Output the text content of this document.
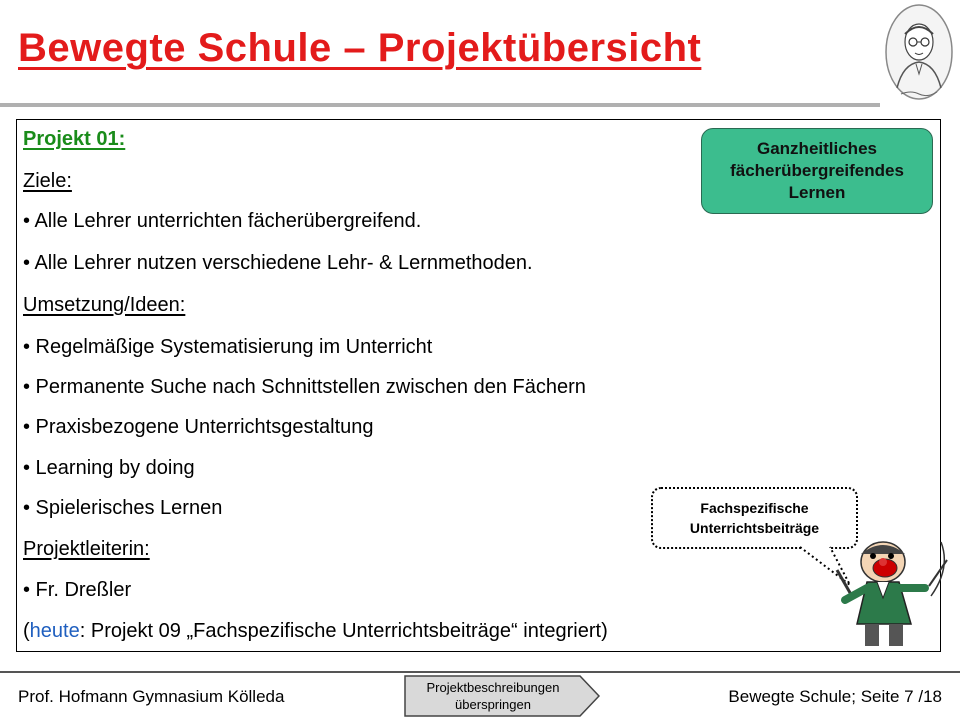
Bewegte Schule – Projektübersicht
Projekt 01:
Ziele:
• Alle Lehrer unterrichten fächerübergreifend.
• Alle Lehrer nutzen verschiedene Lehr- & Lernmethoden.
Umsetzung/Ideen:
• Regelmäßige Systematisierung im Unterricht
• Permanente Suche nach Schnittstellen zwischen den Fächern
• Praxisbezogene Unterrichtsgestaltung
• Learning by doing
• Spielerisches Lernen
Projektleiterin:
• Fr. Dreßler
(heute: Projekt 09 „Fachspezifische Unterrichtsbeiträge“ integriert)
Ganzheitliches
fächerübergreifendes
Lernen
Fachspezifische
Unterrichtsbeiträge
Prof. Hofmann Gymnasium Kölleda	Projektbeschreibungen
überspringen	Bewegte Schule; Seite 7 /18
